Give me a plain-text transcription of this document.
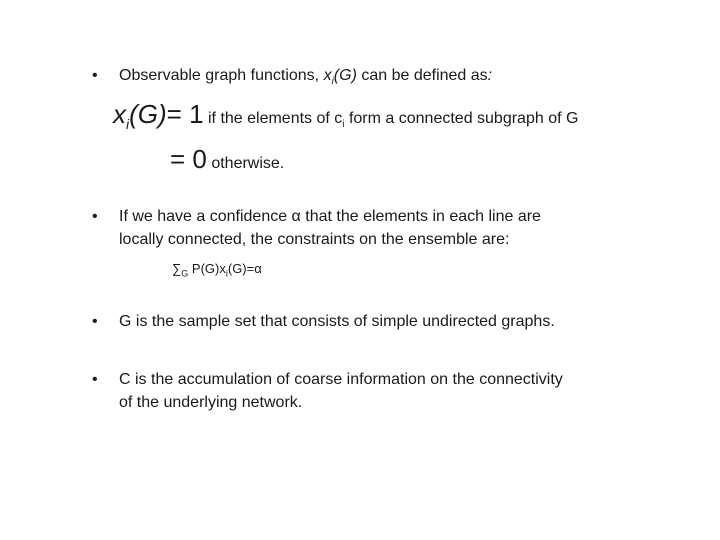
• Observable graph functions, $x_i(G)$ can be defined as:
$x_i(G)= 1$ if the elements of $c_i$ form a connected subgraph of G
= 0 otherwise.
• If we have a confidence α that the elements in each line are
locally connected, the constraints on the ensemble are:
$\sum_G$ $P(G)x_i(G)=\alpha$
• G is the sample set that consists of simple undirected graphs.
• C is the accumulation of coarse information on the connectivity
of the underlying network.
